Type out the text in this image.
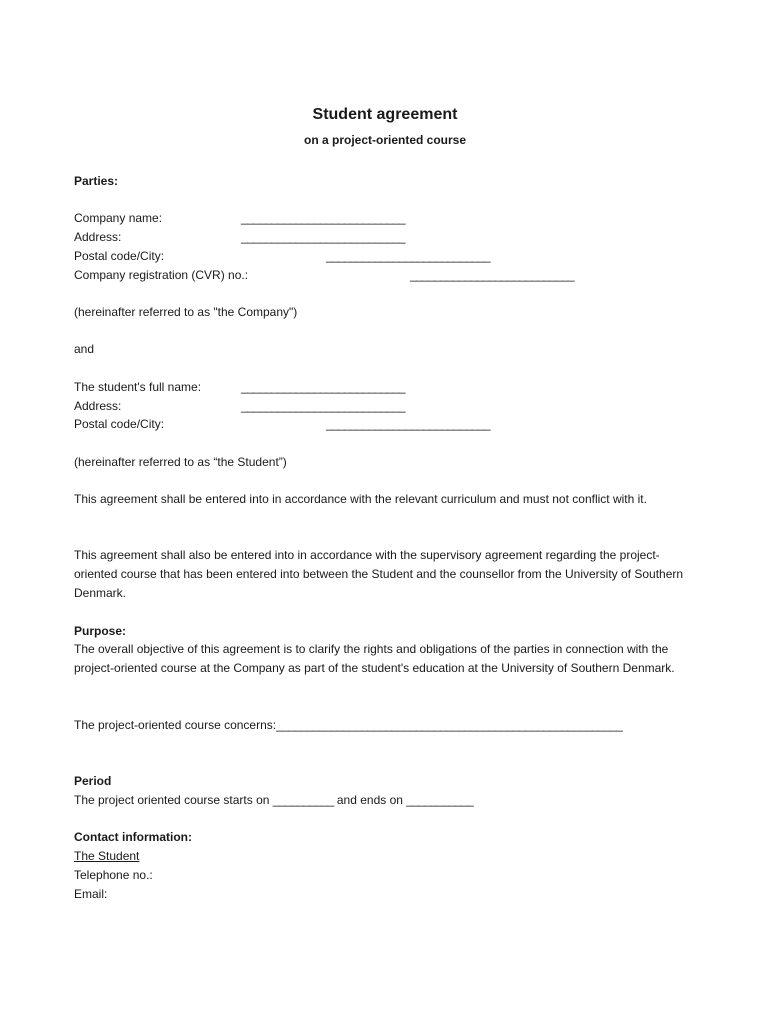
Student agreement
on a project-oriented course
Parties:
Company name:	___________________________
Address:	___________________________
Postal code/City:	___________________________
Company registration (CVR) no.:	___________________________
(hereinafter referred to as "the Company")
and
The student's full name:	___________________________
Address:	___________________________
Postal code/City:	___________________________
(hereinafter referred to as “the Student”)
This agreement shall be entered into in accordance with the relevant curriculum and must not conflict with it.
This agreement shall also be entered into in accordance with the supervisory agreement regarding the project-oriented course that has been entered into between the Student and the counsellor from the University of Southern Denmark.
Purpose:
The overall objective of this agreement is to clarify the rights and obligations of the parties in connection with the project-oriented course at the Company as part of the student's education at the University of Southern Denmark.
The project-oriented course concerns:_________________________________________________________
Period
The project oriented course starts on __________ and ends on ___________
Contact information:
The Student
Telephone no.:
Email:
